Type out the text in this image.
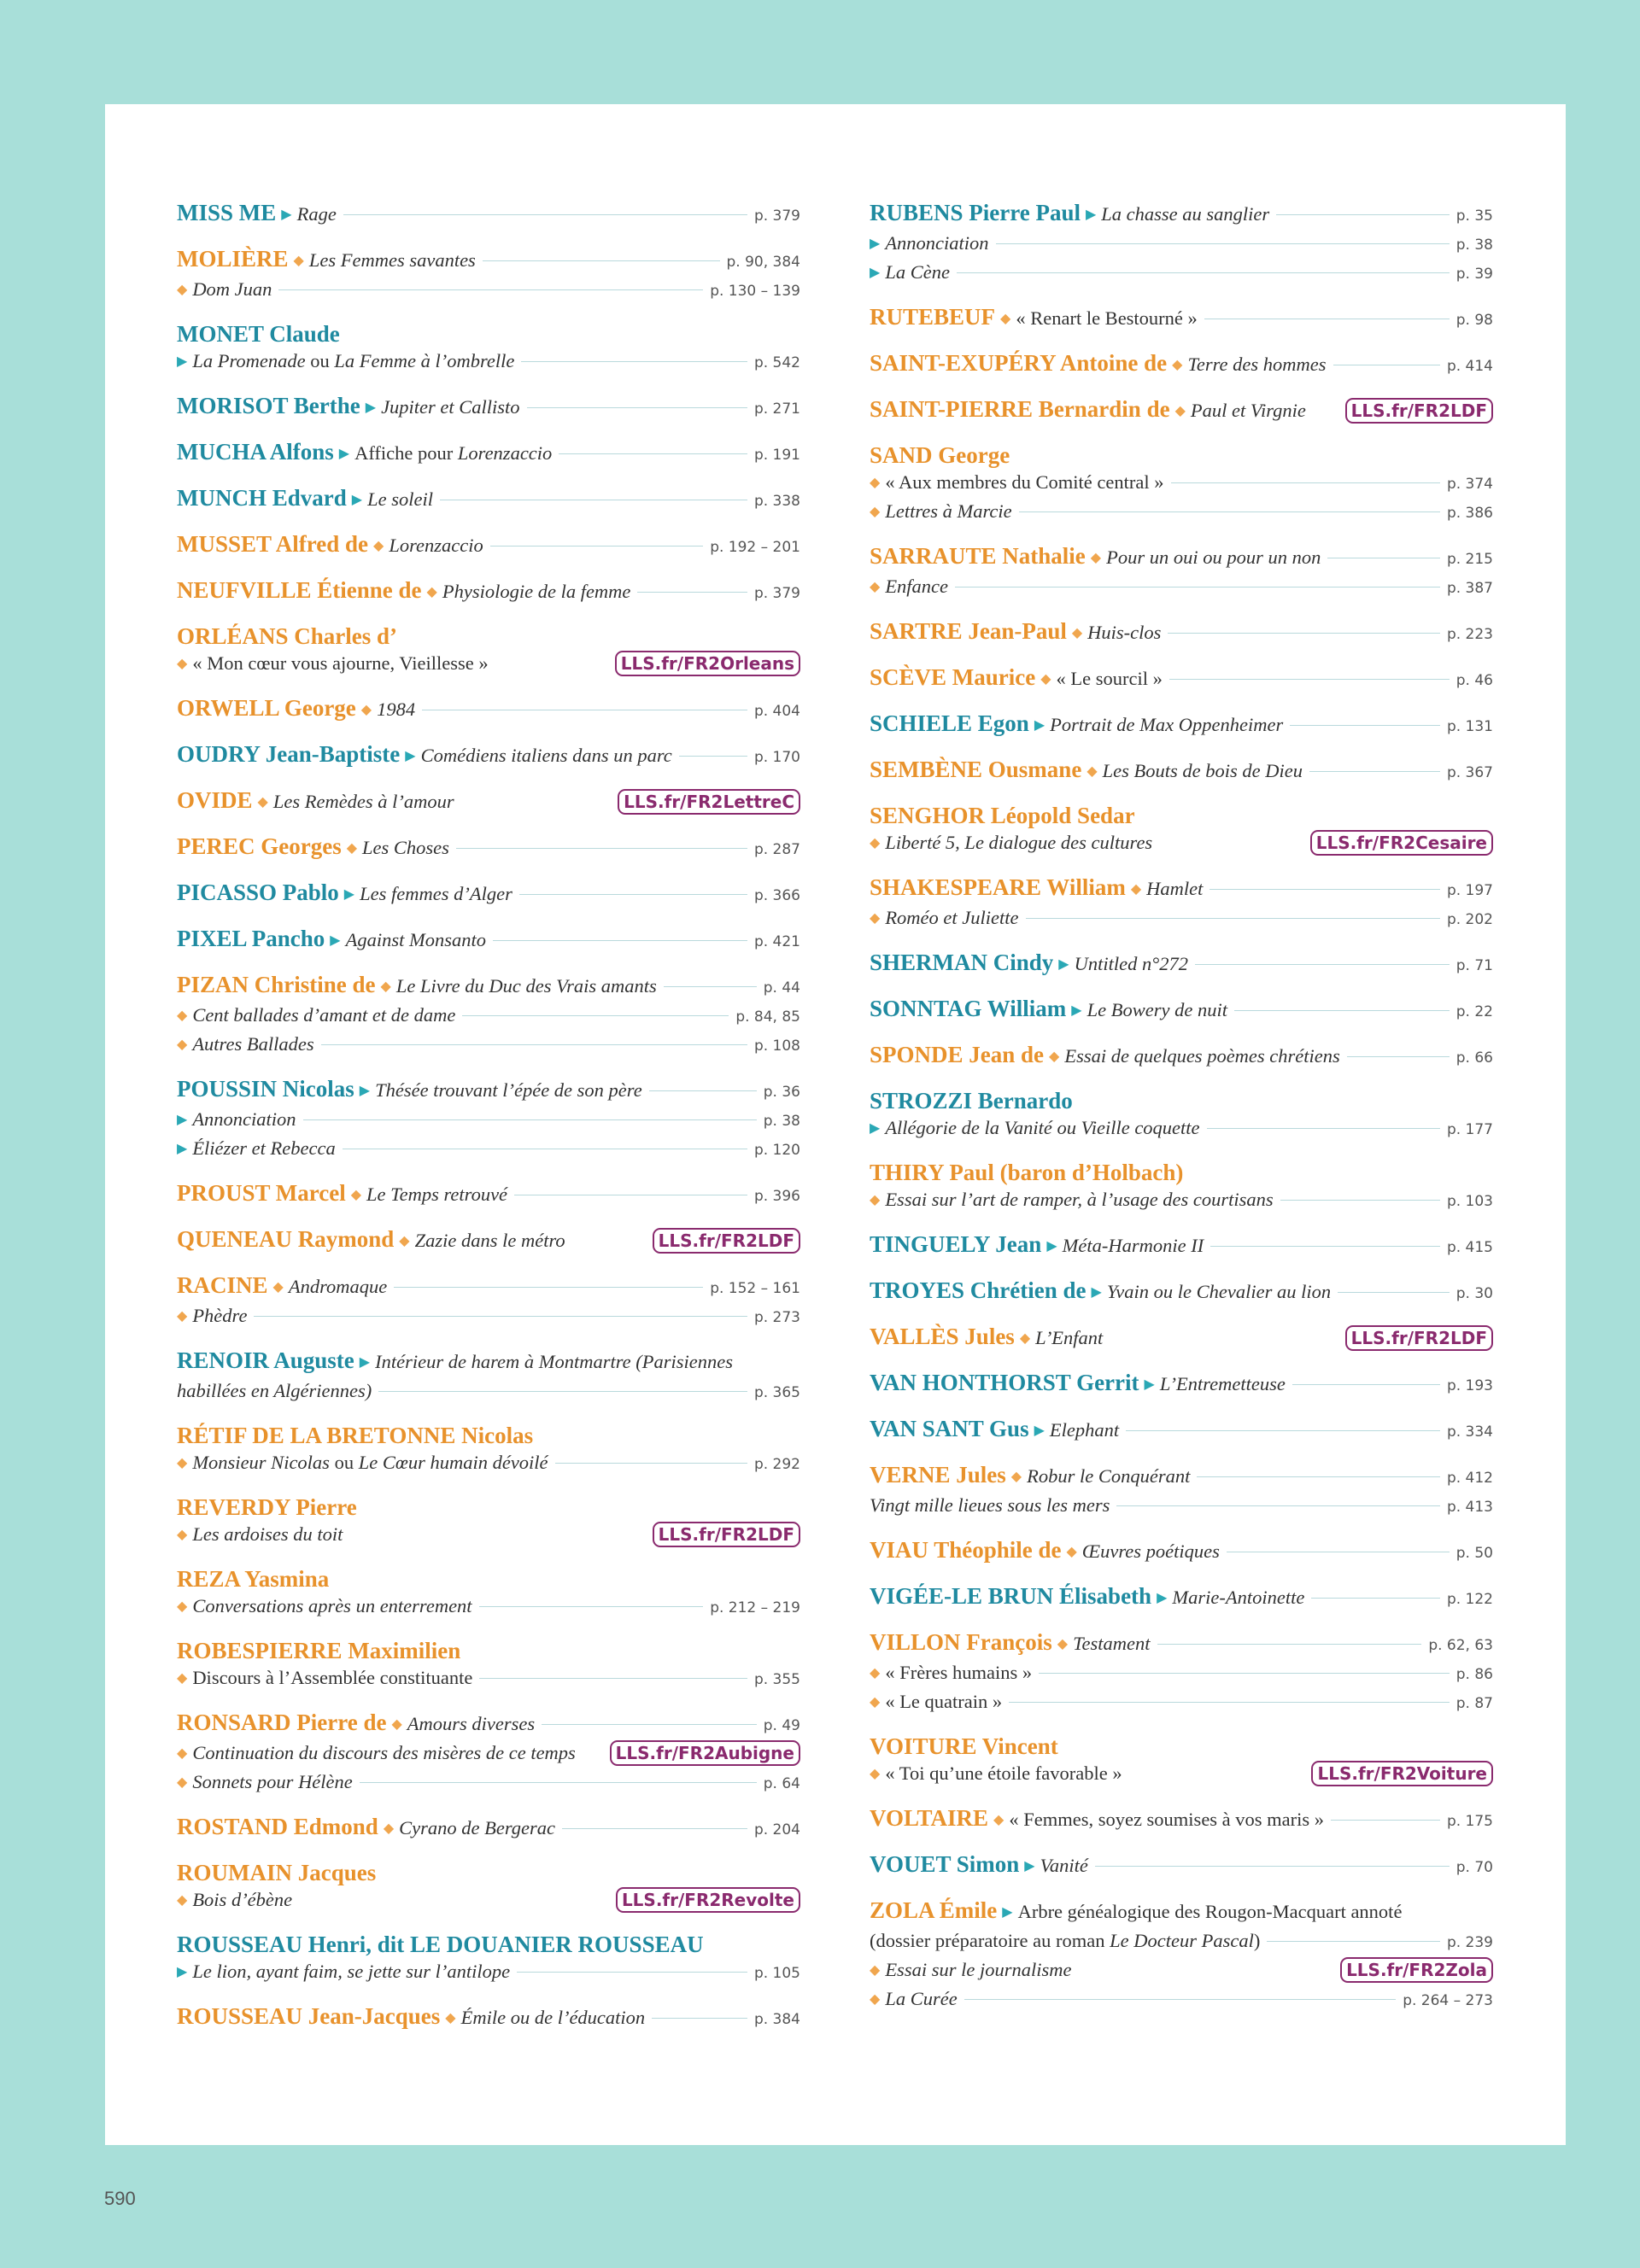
MISS ME ▶ Rage	p. 379
MOLIÈRE ◆ Les Femmes savantes	p. 90, 384
◆ Dom Juan	p. 130 – 139
MONET Claude
▶ La Promenade ou La Femme à l’ombrelle	p. 542
MORISOT Berthe ▶ Jupiter et Callisto	p. 271
MUCHA Alfons ▶ Affiche pour Lorenzaccio	p. 191
MUNCH Edvard ▶ Le soleil	p. 338
MUSSET Alfred de ◆ Lorenzaccio	p. 192 – 201
NEUFVILLE Étienne de ◆ Physiologie de la femme	p. 379
ORLÉANS Charles d’
◆ « Mon cœur vous ajourne, Vieillesse »	LLS.fr/FR2Orleans
ORWELL George ◆ 1984	p. 404
OUDRY Jean-Baptiste ▶ Comédiens italiens dans un parc	p. 170
OVIDE ◆ Les Remèdes à l’amour	LLS.fr/FR2LettreC
PEREC Georges ◆ Les Choses	p. 287
PICASSO Pablo ▶ Les femmes d’Alger	p. 366
PIXEL Pancho ▶ Against Monsanto	p. 421
PIZAN Christine de ◆ Le Livre du Duc des Vrais amants	p. 44
◆ Cent ballades d’amant et de dame	p. 84, 85
◆ Autres Ballades	p. 108
POUSSIN Nicolas ▶ Thésée trouvant l’épée de son père	p. 36
▶ Annonciation	p. 38
▶ Éliézer et Rebecca	p. 120
PROUST Marcel ◆ Le Temps retrouvé	p. 396
QUENEAU Raymond ◆ Zazie dans le métro	LLS.fr/FR2LDF
RACINE ◆ Andromaque	p. 152 – 161
◆ Phèdre	p. 273
RENOIR Auguste ▶ Intérieur de harem à Montmartre (Parisiennes
habillées en Algériennes)	p. 365
RÉTIF DE LA BRETONNE Nicolas
◆ Monsieur Nicolas ou Le Cœur humain dévoilé	p. 292
REVERDY Pierre
◆ Les ardoises du toit	LLS.fr/FR2LDF
REZA Yasmina
◆ Conversations après un enterrement	p. 212 – 219
ROBESPIERRE Maximilien
◆ Discours à l’Assemblée constituante	p. 355
RONSARD Pierre de ◆ Amours diverses	p. 49
◆ Continuation du discours des misères de ce temps	LLS.fr/FR2Aubigne
◆ Sonnets pour Hélène	p. 64
ROSTAND Edmond ◆ Cyrano de Bergerac	p. 204
ROUMAIN Jacques
◆ Bois d’ébène	LLS.fr/FR2Revolte
ROUSSEAU Henri, dit LE DOUANIER ROUSSEAU
▶ Le lion, ayant faim, se jette sur l’antilope	p. 105
ROUSSEAU Jean-Jacques ◆ Émile ou de l’éducation	p. 384
RUBENS Pierre Paul ▶ La chasse au sanglier	p. 35
▶ Annonciation	p. 38
▶ La Cène	p. 39
RUTEBEUF ◆ « Renart le Bestourné »	p. 98
SAINT-EXUPÉRY Antoine de ◆ Terre des hommes	p. 414
SAINT-PIERRE Bernardin de ◆ Paul et Virgnie	LLS.fr/FR2LDF
SAND George
◆ « Aux membres du Comité central »	p. 374
◆ Lettres à Marcie	p. 386
SARRAUTE Nathalie ◆ Pour un oui ou pour un non	p. 215
◆ Enfance	p. 387
SARTRE Jean-Paul ◆ Huis-clos	p. 223
SCÈVE Maurice ◆ « Le sourcil »	p. 46
SCHIELE Egon ▶ Portrait de Max Oppenheimer	p. 131
SEMBÈNE Ousmane ◆ Les Bouts de bois de Dieu	p. 367
SENGHOR Léopold Sedar
◆ Liberté 5, Le dialogue des cultures	LLS.fr/FR2Cesaire
SHAKESPEARE William ◆ Hamlet	p. 197
◆ Roméo et Juliette	p. 202
SHERMAN Cindy ▶ Untitled n°272	p. 71
SONNTAG William ▶ Le Bowery de nuit	p. 22
SPONDE Jean de ◆ Essai de quelques poèmes chrétiens	p. 66
STROZZI Bernardo
▶ Allégorie de la Vanité ou Vieille coquette	p. 177
THIRY Paul (baron d’Holbach)
◆ Essai sur l’art de ramper, à l’usage des courtisans	p. 103
TINGUELY Jean ▶ Méta-Harmonie II	p. 415
TROYES Chrétien de ▶ Yvain ou le Chevalier au lion	p. 30
VALLÈS Jules ◆ L’Enfant	LLS.fr/FR2LDF
VAN HONTHORST Gerrit ▶ L’Entremetteuse	p. 193
VAN SANT Gus ▶ Elephant	p. 334
VERNE Jules ◆ Robur le Conquérant	p. 412
Vingt mille lieues sous les mers	p. 413
VIAU Théophile de ◆ Œuvres poétiques	p. 50
VIGÉE-LE BRUN Élisabeth ▶ Marie-Antoinette	p. 122
VILLON François ◆ Testament	p. 62, 63
◆ « Frères humains »	p. 86
◆ « Le quatrain »	p. 87
VOITURE Vincent
◆ « Toi qu’une étoile favorable »	LLS.fr/FR2Voiture
VOLTAIRE ◆ « Femmes, soyez soumises à vos maris »	p. 175
VOUET Simon ▶ Vanité	p. 70
ZOLA Émile ▶ Arbre généalogique des Rougon-Macquart annoté
(dossier préparatoire au roman Le Docteur Pascal)	p. 239
◆ Essai sur le journalisme	LLS.fr/FR2Zola
◆ La Curée	p. 264 – 273
590
